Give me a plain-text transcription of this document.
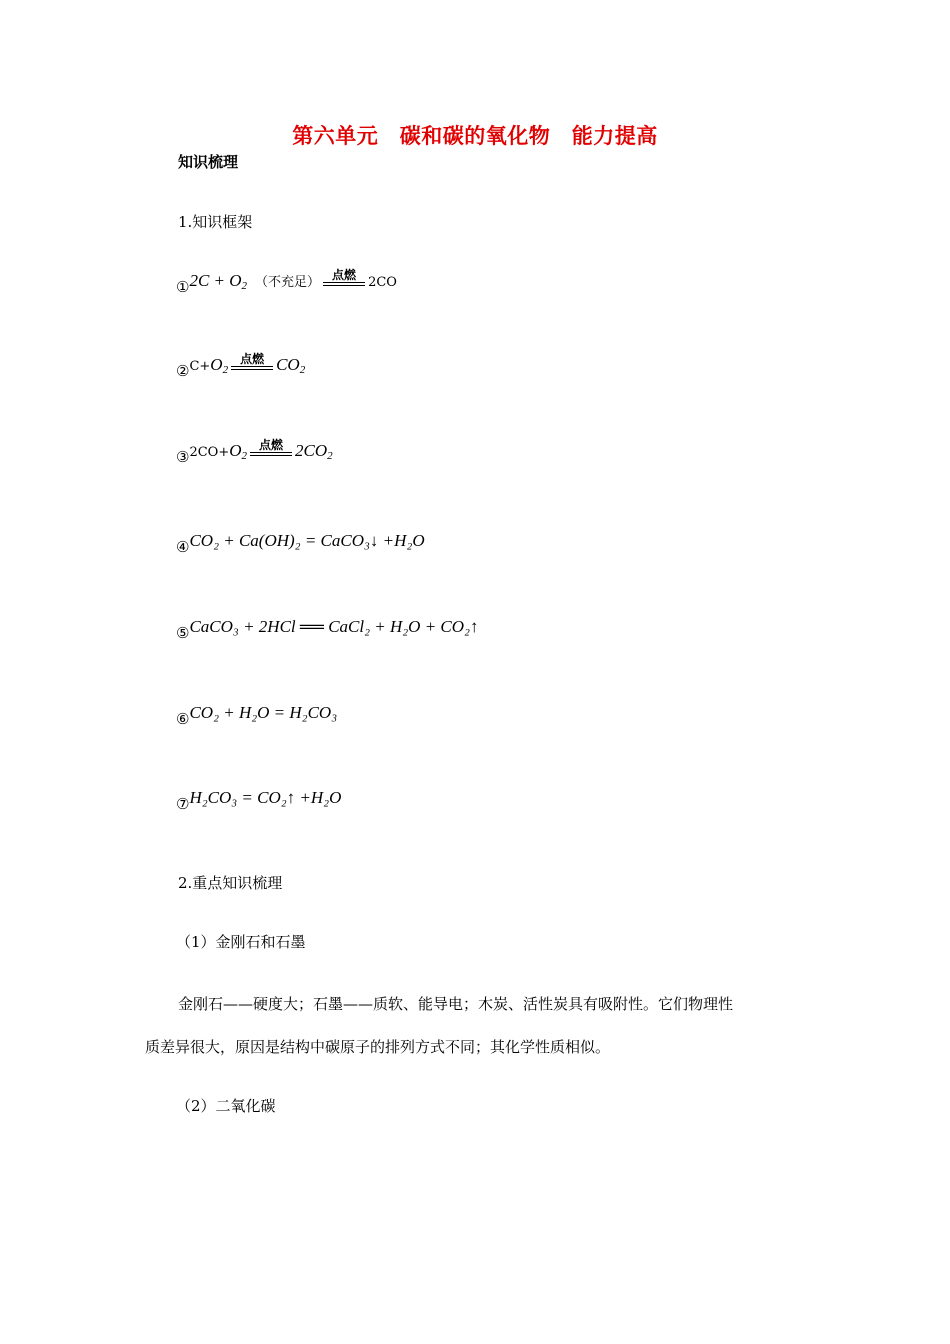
第六单元　碳和碳的氧化物　能力提高
知识梳理
1.知识框架
①2C + $O_2$ （不充足）
点燃
2CO
$②C+O_2$
点燃 $CO_2$
$③2CO+O_2$
点燃 $2CO_2$
④CO₂ + Ca(OH)₂ = CaCO₃↓ +H₂O
⑤CaCO₃ + 2HCl ══ CaCl₂ + H₂O + CO₂↑
⑥CO₂ + H₂O = H₂CO₃
⑦H₂CO₃ = CO₂↑ +H₂O
2.重点知识梳理
（1）金刚石和石墨
金刚石——硬度大；石墨——质软、能导电；木炭、活性炭具有吸附性。它们物理性
质差异很大，原因是结构中碳原子的排列方式不同；其化学性质相似。
（2）二氧化碳
